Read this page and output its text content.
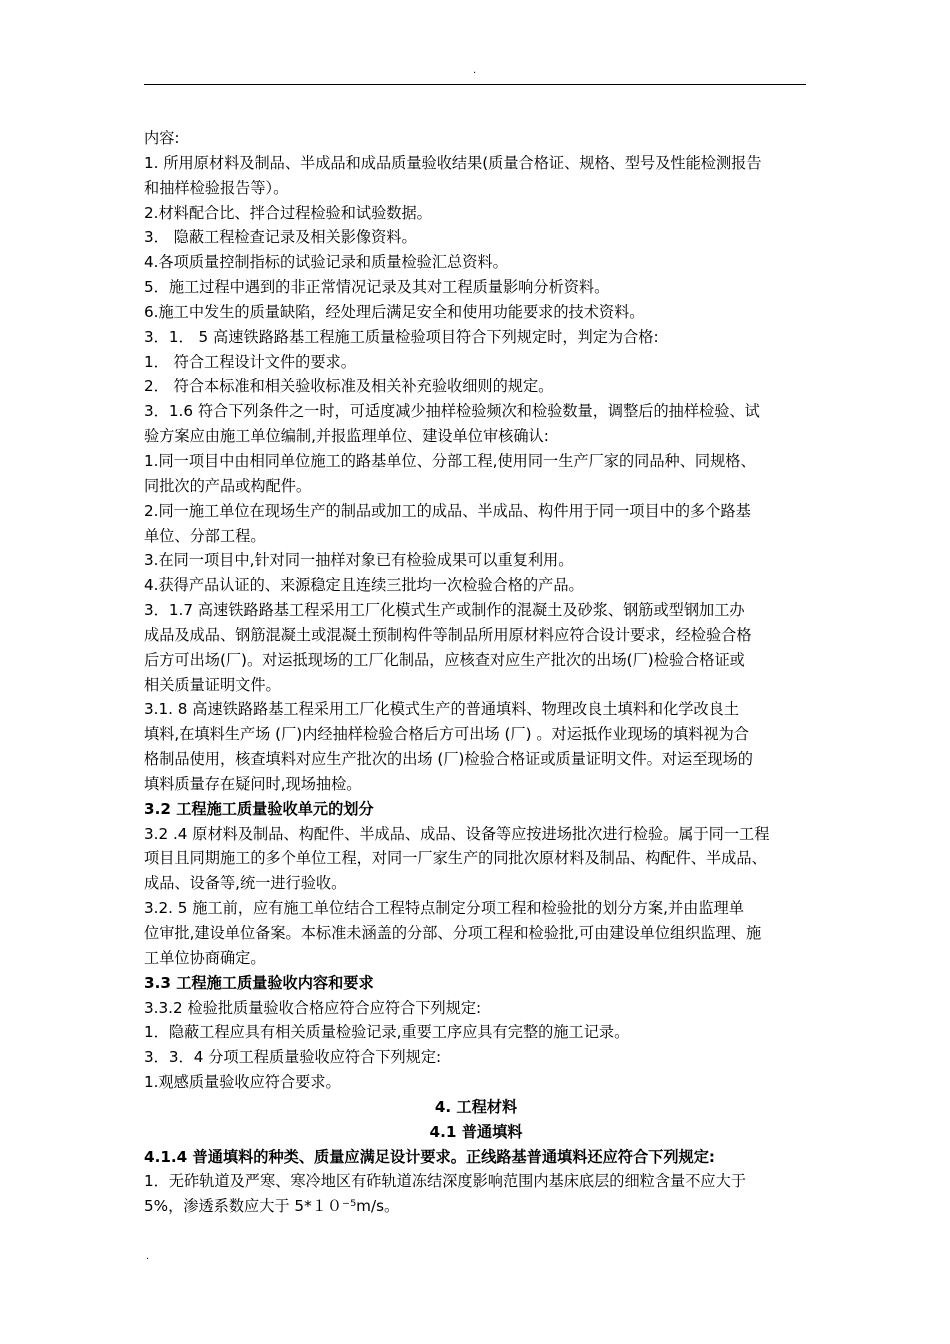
.
内容:
1. 所用原材料及制品、半成品和成品质量验收结果(质量合格证、规格、型号及性能检测报告
和抽样检验报告等）。
2.材料配合比、拌合过程检验和试验数据。
3． 隐蔽工程检查记录及相关影像资料。
4.各项质量控制指标的试验记录和质量检验汇总资料。
5．施工过程中遇到的非正常情况记录及其对工程质量影响分析资料。
6.施工中发生的质量缺陷，经处理后满足安全和使用功能要求的技术资料。
3．1． 5 高速铁路路基工程施工质量检验项目符合下列规定时，判定为合格:
1． 符合工程设计文件的要求。
2． 符合本标准和相关验收标准及相关补充验收细则的规定。
3．1.6 符合下列条件之一时，可适度减少抽样检验频次和检验数量，调整后的抽样检验、试
验方案应由施工单位编制,并报监理单位、建设单位审核确认:
1.同一项目中由相同单位施工的路基单位、分部工程,使用同一生产厂家的同品种、同规格、
同批次的产品或构配件。
2.同一施工单位在现场生产的制品或加工的成品、半成品、构件用于同一项目中的多个路基
单位、分部工程。
3.在同一项目中,针对同一抽样对象已有检验成果可以重复利用。
4.获得产品认证的、来源稳定且连续三批均一次检验合格的产品。
3．1.7 高速铁路路基工程采用工厂化模式生产或制作的混凝土及砂浆、钢筋或型钢加工办
成品及成品、钢筋混凝土或混凝土预制构件等制品所用原材料应符合设计要求，经检验合格
后方可出场(厂)。对运抵现场的工厂化制品，应核查对应生产批次的出场(厂)检验合格证或
相关质量证明文件。
3.1. 8 高速铁路路基工程采用工厂化模式生产的普通填料、物理改良土填料和化学改良土
填料,在填料生产场 (厂)内经抽样检验合格后方可出场 (厂) 。对运抵作业现场的填料视为合
格制品使用，核查填料对应生产批次的出场 (厂)检验合格证或质量证明文件。对运至现场的
填料质量存在疑问时,现场抽检。
3.2 工程施工质量验收单元的划分
3.2 .4 原材料及制品、构配件、半成品、成品、设备等应按进场批次进行检验。属于同一工程
项目且同期施工的多个单位工程，对同一厂家生产的同批次原材料及制品、构配件、半成品、
成品、设备等,统一进行验收。
3.2. 5 施工前，应有施工单位结合工程特点制定分项工程和检验批的划分方案,并由监理单
位审批,建设单位备案。本标准未涵盖的分部、分项工程和检验批,可由建设单位组织监理、施
工单位协商确定。
3.3 工程施工质量验收内容和要求
3.3.2 检验批质量验收合格应符合应符合下列规定:
1．隐蔽工程应具有相关质量检验记录,重要工序应具有完整的施工记录。
3．3．4 分项工程质量验收应符合下列规定:
1.观感质量验收应符合要求。
4. 工程材料
4.1 普通填料
4.1.4 普通填料的种类、质量应满足设计要求。正线路基普通填料还应符合下列规定:
1．无砟轨道及严寒、寒冷地区有砟轨道冻结深度影响范围内基床底层的细粒含量不应大于
5%，渗透系数应大于 5*１０⁻⁵m/s。
.
